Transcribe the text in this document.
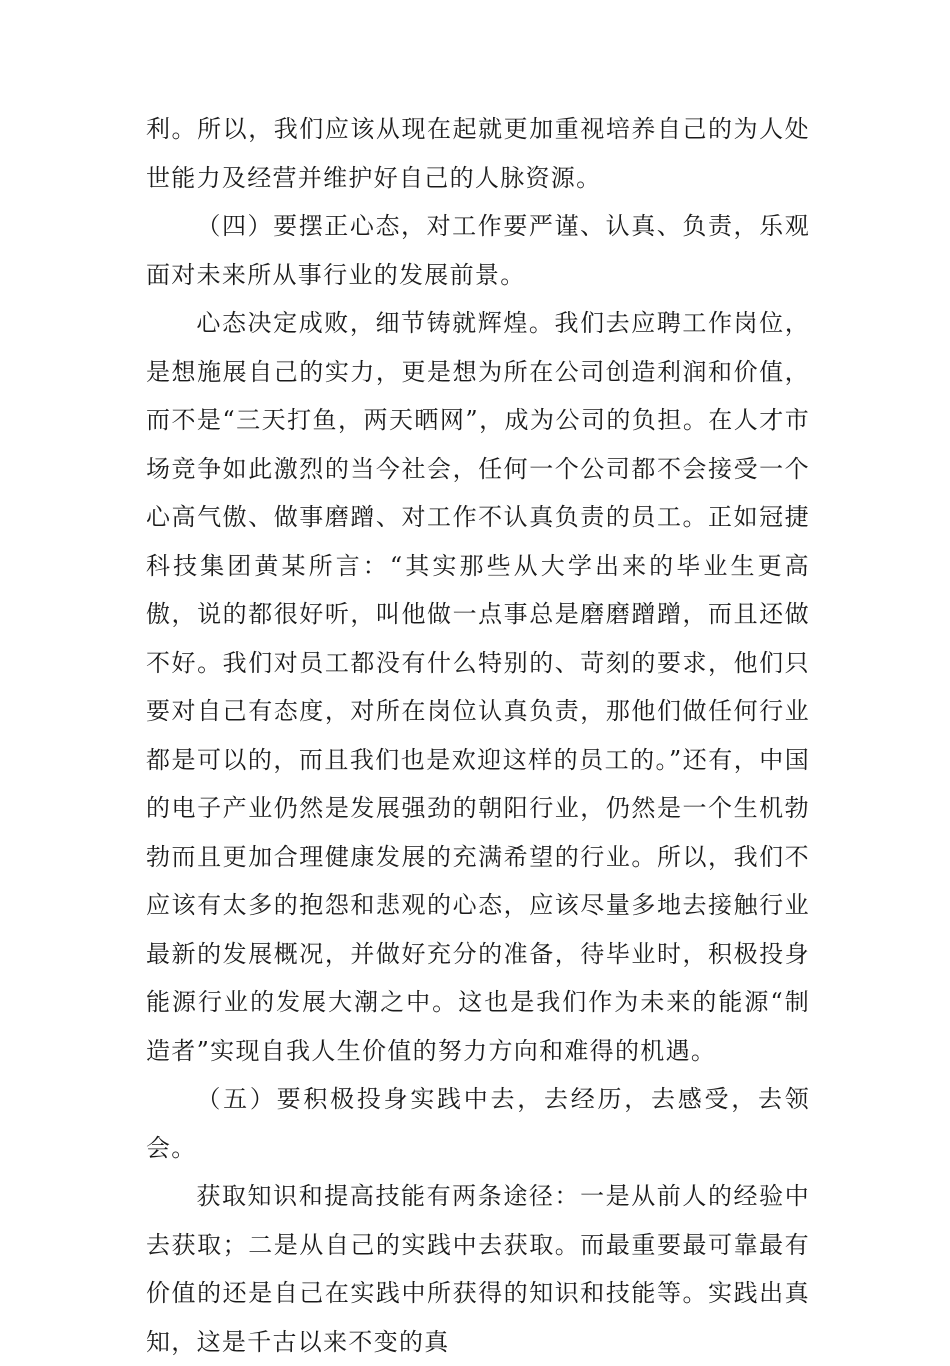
利。所以，我们应该从现在起就更加重视培养自己的为人处世能力及经营并维护好自己的人脉资源。

（四）要摆正心态，对工作要严谨、认真、负责，乐观面对未来所从事行业的发展前景。

心态决定成败，细节铸就辉煌。我们去应聘工作岗位，是想施展自己的实力，更是想为所在公司创造利润和价值，而不是“三天打鱼，两天晒网”，成为公司的负担。在人才市场竞争如此激烈的当今社会，任何一个公司都不会接受一个心高气傲、做事磨蹭、对工作不认真负责的员工。正如冠捷科技集团黄某所言：“其实那些从大学出来的毕业生更高傲，说的都很好听，叫他做一点事总是磨磨蹭蹭，而且还做不好。我们对员工都没有什么特别的、苛刻的要求，他们只要对自己有态度，对所在岗位认真负责，那他们做任何行业都是可以的，而且我们也是欢迎这样的员工的。”还有，中国的电子产业仍然是发展强劲的朝阳行业，仍然是一个生机勃勃而且更加合理健康发展的充满希望的行业。所以，我们不应该有太多的抱怨和悲观的心态，应该尽量多地去接触行业最新的发展概况，并做好充分的准备，待毕业时，积极投身能源行业的发展大潮之中。这也是我们作为未来的能源“制造者”实现自我人生价值的努力方向和难得的机遇。

（五）要积极投身实践中去，去经历，去感受，去领会。

获取知识和提高技能有两条途径：一是从前人的经验中去获取；二是从自己的实践中去获取。而最重要最可靠最有价值的还是自己在实践中所获得的知识和技能等。实践出真知，这是千古以来不变的真
